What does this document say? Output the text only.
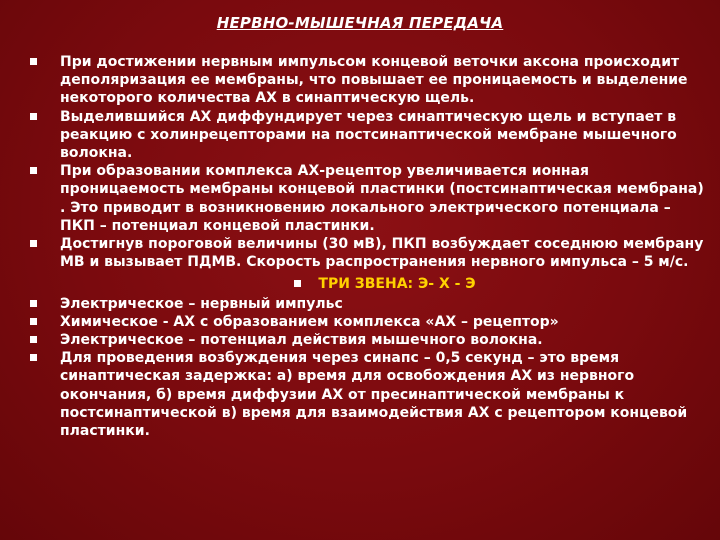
НЕРВНО-МЫШЕЧНАЯ ПЕРЕДАЧА
При достижении нервным импульсом концевой веточки аксона происходит деполяризация ее мембраны, что повышает ее проницаемость и выделение некоторого количества АХ в синаптическую щель.
Выделившийся АХ диффундирует через синаптическую щель и вступает в реакцию с холинрецепторами на постсинаптической мембране мышечного волокна.
При образовании комплекса АХ-рецептор увеличивается ионная проницаемость мембраны концевой пластинки (постсинаптическая мембрана) . Это приводит в возникновению локального электрического потенциала – ПКП – потенциал концевой пластинки.
Достигнув пороговой величины (30 мВ), ПКП возбуждает соседнюю мембрану МВ и вызывает ПДМВ. Скорость распространения нервного импульса – 5 м/с.
ТРИ ЗВЕНА: Э- Х - Э
Электрическое – нервный импульс
Химическое - АХ с образованием комплекса «АХ – рецептор»
Электрическое – потенциал действия мышечного волокна.
Для проведения возбуждения через синапс – 0,5 секунд – это время синаптическая задержка: а) время для освобождения АХ из нервного окончания, б) время диффузии АХ от пресинаптической мембраны к постсинаптической в) время для взаимодействия АХ с рецептором концевой пластинки.
